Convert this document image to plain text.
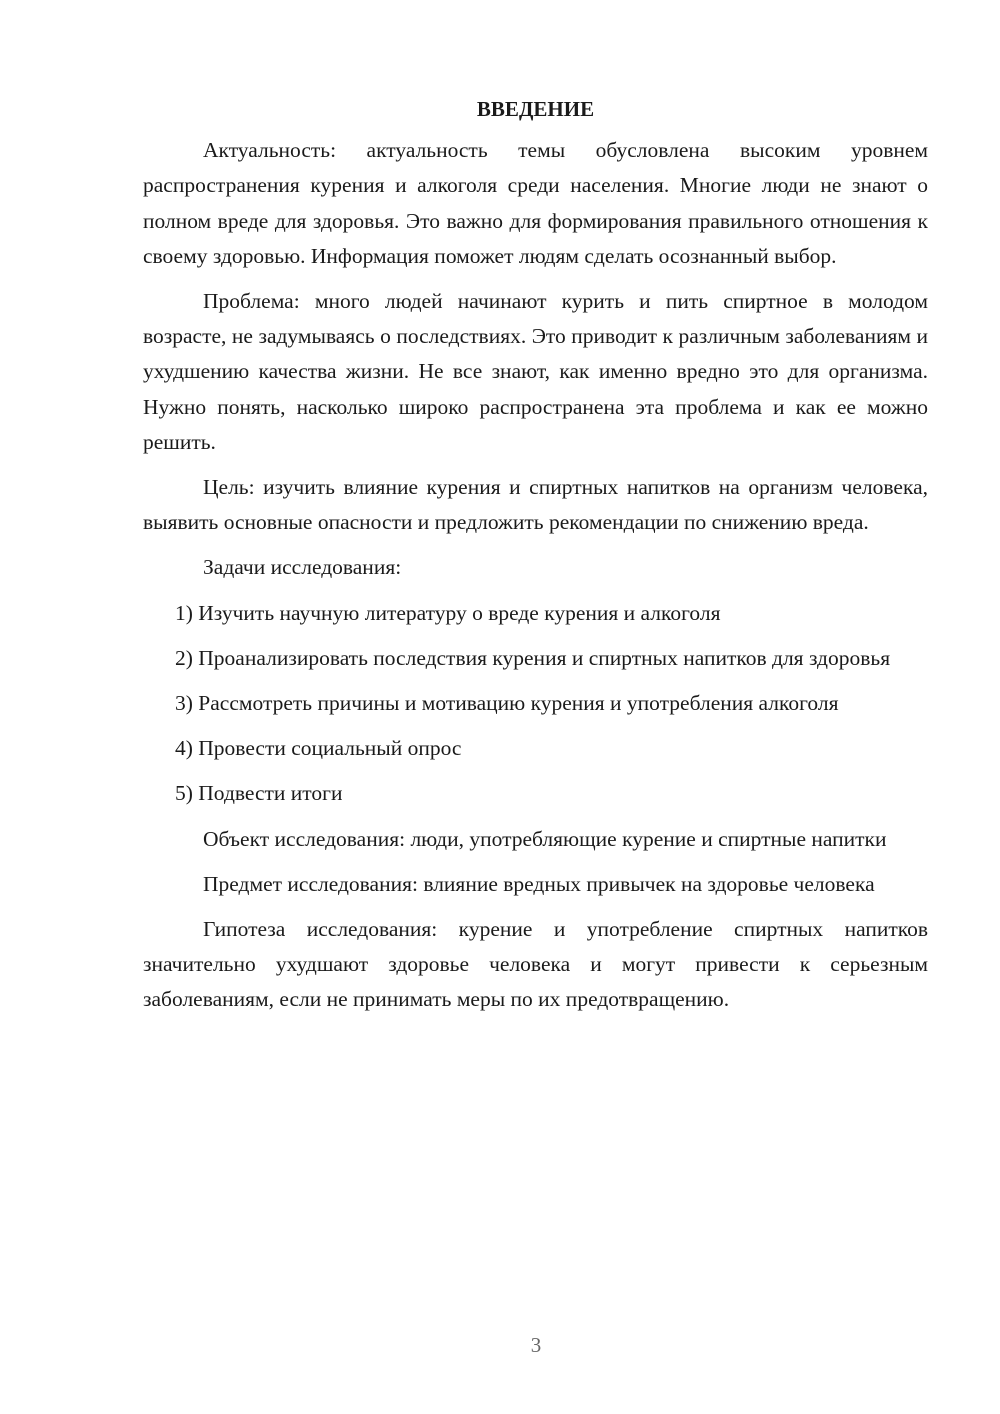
ВВЕДЕНИЕ

Актуальность: актуальность темы обусловлена высоким уровнем распространения курения и алкоголя среди населения. Многие люди не знают о полном вреде для здоровья. Это важно для формирования правильного отношения к своему здоровью. Информация поможет людям сделать осознанный выбор.

Проблема: много людей начинают курить и пить спиртное в молодом возрасте, не задумываясь о последствиях. Это приводит к различным заболеваниям и ухудшению качества жизни. Не все знают, как именно вредно это для организма. Нужно понять, насколько широко распространена эта проблема и как ее можно решить.

Цель: изучить влияние курения и спиртных напитков на организм человека, выявить основные опасности и предложить рекомендации по снижению вреда.

Задачи исследования:

1) Изучить научную литературу о вреде курения и алкоголя

2) Проанализировать последствия курения и спиртных напитков для здоровья

3) Рассмотреть причины и мотивацию курения и употребления алкоголя

4) Провести социальный опрос

5) Подвести итоги

Объект исследования: люди, употребляющие курение и спиртные напитки

Предмет исследования: влияние вредных привычек на здоровье человека

Гипотеза исследования: курение и употребление спиртных напитков значительно ухудшают здоровье человека и могут привести к серьезным заболеваниям, если не принимать меры по их предотвращению.

3
